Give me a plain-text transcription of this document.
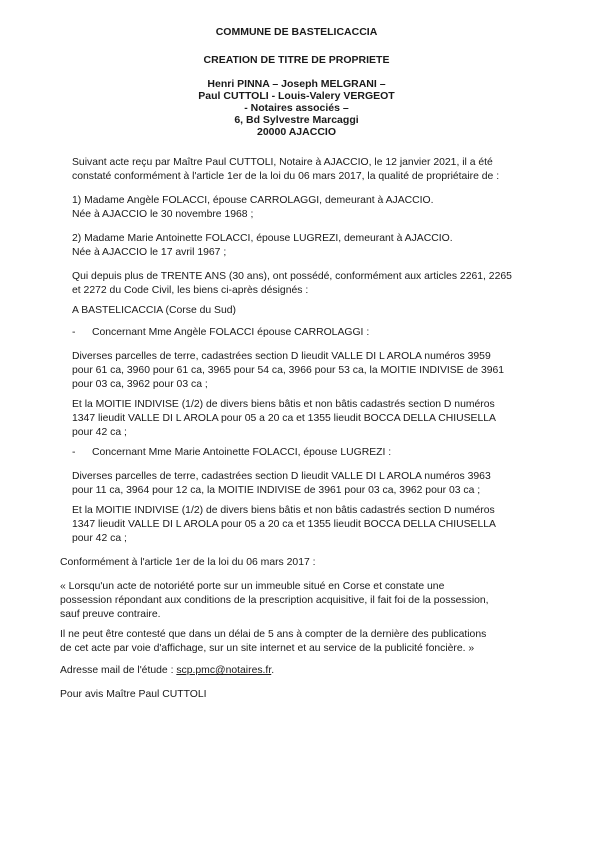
COMMUNE DE BASTELICACCIA

CREATION DE TITRE DE PROPRIETE

Henri PINNA – Joseph MELGRANI –

Paul CUTTOLI - Louis-Valery VERGEOT

- Notaires associés –

6, Bd Sylvestre Marcaggi

20000 AJACCIO

Suivant acte reçu par Maître Paul CUTTOLI, Notaire à AJACCIO, le 12 janvier 2021, il a été
constaté conformément à l'article 1er de la loi du 06 mars 2017, la qualité de propriétaire de :
1) Madame Angèle FOLACCI, épouse CARROLAGGI, demeurant à AJACCIO.
Née à AJACCIO le 30 novembre 1968 ;
2) Madame Marie Antoinette FOLACCI, épouse LUGREZI, demeurant à AJACCIO.
Née à AJACCIO le 17 avril 1967 ;
Qui depuis plus de TRENTE ANS (30 ans), ont possédé, conformément aux articles 2261, 2265
et 2272 du Code Civil, les biens ci-après désignés :

A BASTELICACCIA (Corse du Sud)

- Concernant Mme Angèle FOLACCI épouse CARROLAGGI :
Diverses parcelles de terre, cadastrées section D lieudit VALLE DI L AROLA numéros 3959
pour 61 ca, 3960 pour 61 ca, 3965 pour 54 ca, 3966 pour 53 ca, la MOITIE INDIVISE de 3961
pour 03 ca, 3962 pour 03 ca ;
Et la MOITIE INDIVISE (1/2) de divers biens bâtis et non bâtis cadastrés section D numéros
1347 lieudit VALLE DI L AROLA pour 05 a 20 ca et 1355 lieudit BOCCA DELLA CHIUSELLA
pour 42 ca ;
- Concernant Mme Marie Antoinette FOLACCI, épouse LUGREZI :
Diverses parcelles de terre, cadastrées section D lieudit VALLE DI L AROLA numéros 3963
pour 11 ca, 3964 pour 12 ca, la MOITIE INDIVISE de 3961 pour 03 ca, 3962 pour 03 ca ;
Et la MOITIE INDIVISE (1/2) de divers biens bâtis et non bâtis cadastrés section D numéros
1347 lieudit VALLE DI L AROLA pour 05 a 20 ca et 1355 lieudit BOCCA DELLA CHIUSELLA
pour 42 ca ;

Conformément à l'article 1er de la loi du 06 mars 2017 :

« Lorsqu'un acte de notoriété porte sur un immeuble situé en Corse et constate une
possession répondant aux conditions de la prescription acquisitive, il fait foi de la possession,
sauf preuve contraire.
Il ne peut être contesté que dans un délai de 5 ans à compter de la dernière des publications
de cet acte par voie d'affichage, sur un site internet et au service de la publicité foncière. »
Adresse mail de l'étude : scp.pmc@notaires.fr.

Pour avis Maître Paul CUTTOLI
